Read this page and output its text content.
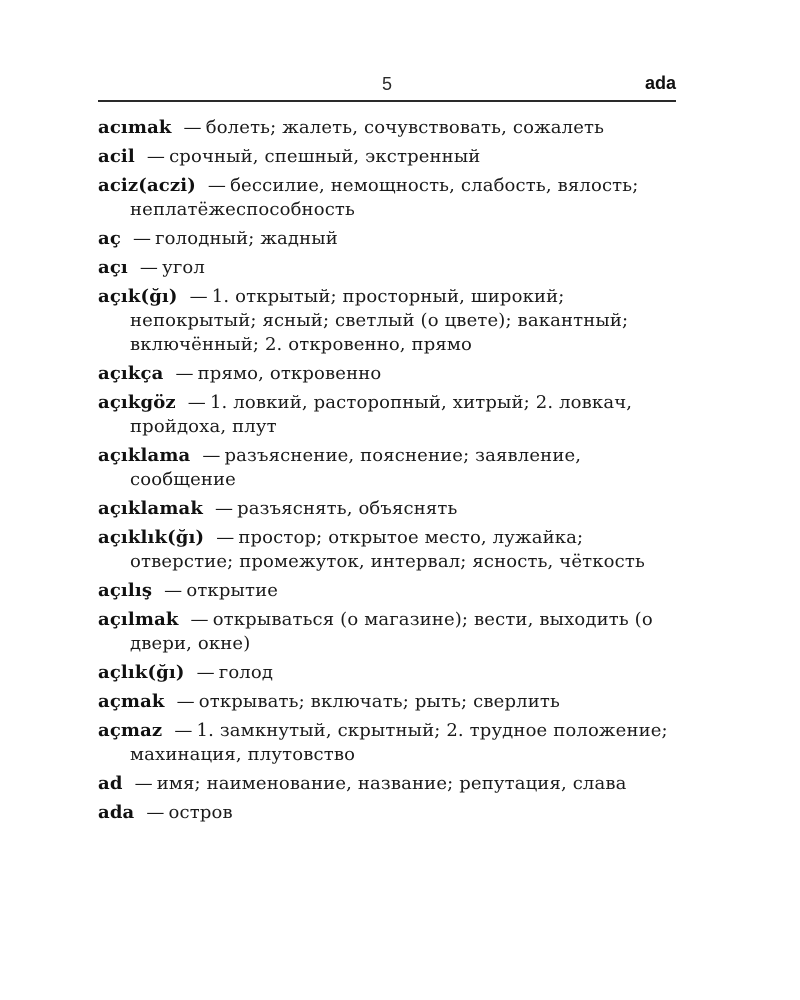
5	ada
acımak — болеть; жалеть, сочувствовать, сожалеть
acil — срочный, спешный, экстренный
aciz(aczi) — бессилие, немощность, слабость, вялость; неплатёжеспособность
aç — голодный; жадный
açı — угол
açık(ğı) — 1. открытый; просторный, широкий; непокрытый; ясный; светлый (о цвете); вакантный; включённый; 2. откровенно, прямо
açıkça — прямо, откровенно
açıkgöz — 1. ловкий, расторопный, хитрый; 2. ловкач, пройдоха, плут
açıklama — разъяснение, пояснение; заявление, сообщение
açıklamak — разъяснять, объяснять
açıklık(ğı) — простор; открытое место, лужайка; отверстие; промежуток, интервал; ясность, чёткость
açılış — открытие
açılmak — открываться (о магазине); вести, выходить (о двери, окне)
açlık(ğı) — голод
açmak — открывать; включать; рыть; сверлить
açmaz — 1. замкнутый, скрытный; 2. трудное положение; махинация, плутовство
ad — имя; наименование, название; репутация, слава
ada — остров
